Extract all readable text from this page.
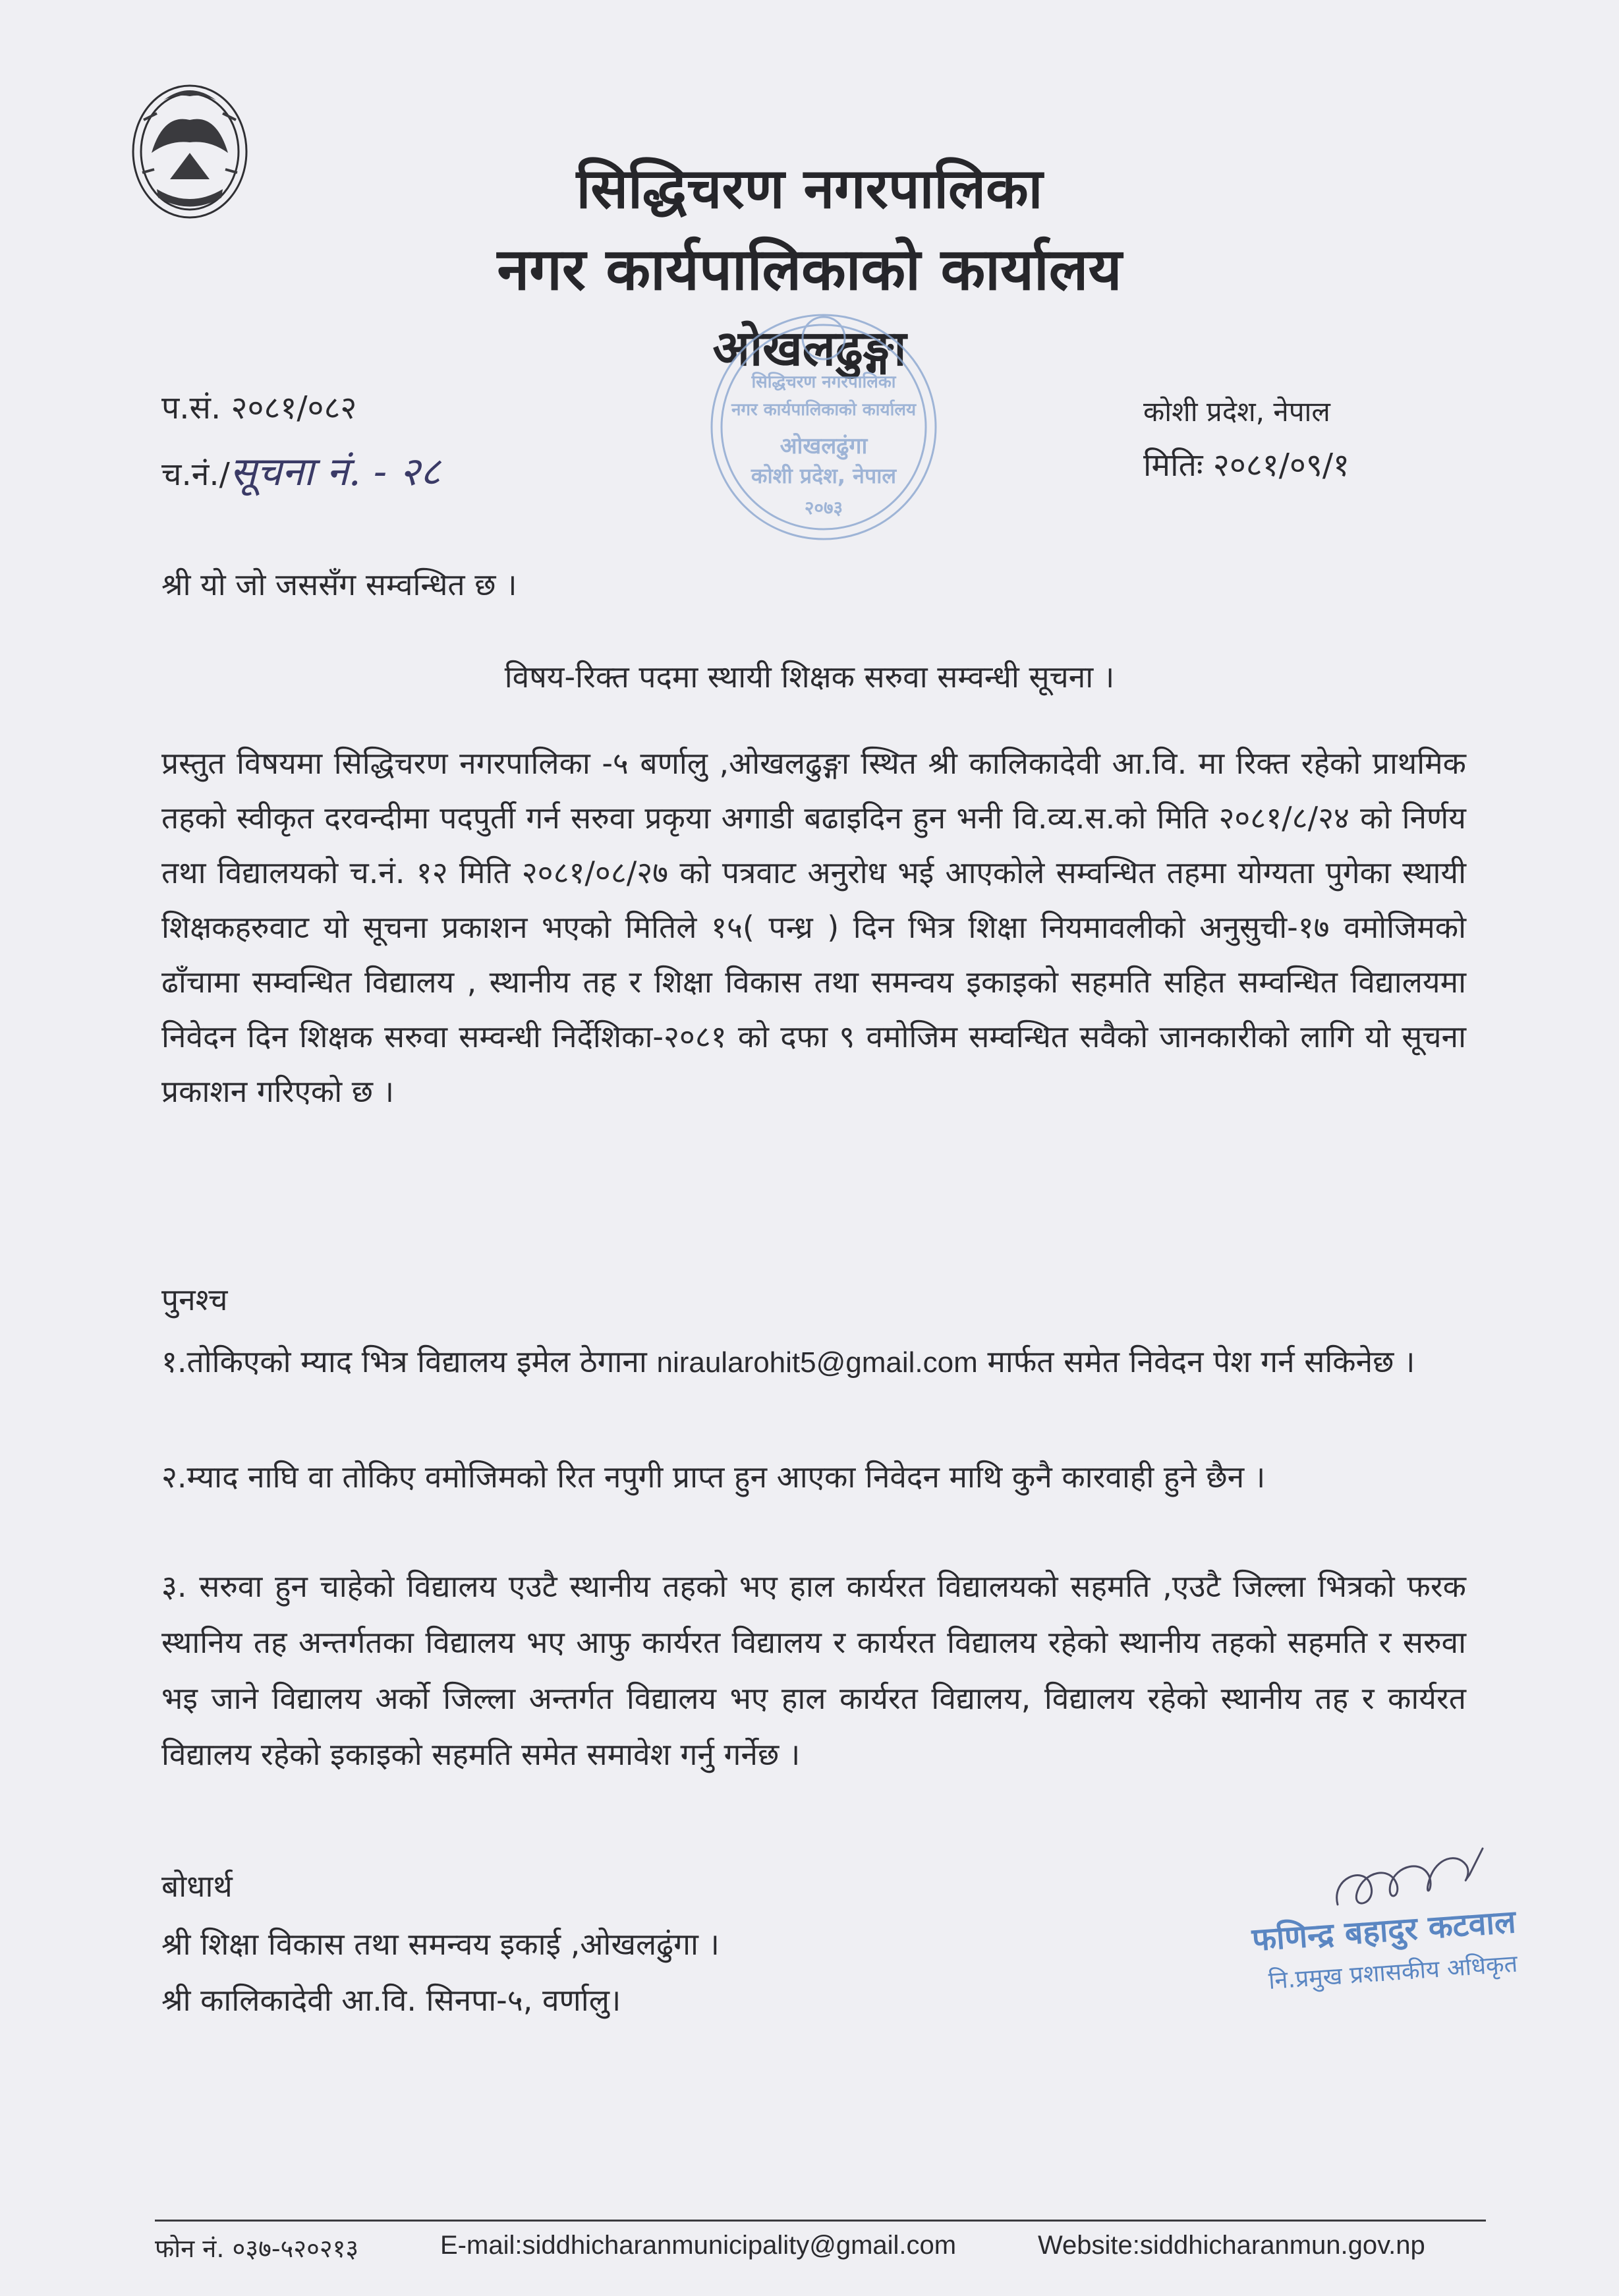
सिद्धिचरण नगरपालिका
नगर कार्यपालिकाको कार्यालय
ओखलढुङ्गा
सिद्धिचरण नगरपालिका
नगर कार्यपालिकाको कार्यालय
ओखलढुंगा
कोशी प्रदेश, नेपाल
२०७३
प.सं. २०८१/०८२
च.नं./सूचना नं. - २८
कोशी प्रदेश, नेपाल
मितिः २०८१/०९/१
श्री यो जो जससँग सम्वन्धित छ ।
विषय-रिक्त पदमा स्थायी शिक्षक सरुवा सम्वन्धी सूचना ।
प्रस्तुत विषयमा सिद्धिचरण नगरपालिका -५ बर्णालु ,ओखलढुङ्गा स्थित श्री कालिकादेवी आ.वि. मा रिक्त रहेको प्राथमिक तहको स्वीकृत दरवन्दीमा पदपुर्ती गर्न सरुवा प्रकृया अगाडी बढाइदिन हुन भनी वि.व्य.स.को मिति २०८१/८/२४ को निर्णय तथा विद्यालयको च.नं. १२ मिति २०८१/०८/२७ को पत्रवाट अनुरोध भई आएकोले सम्वन्धित तहमा योग्यता पुगेका स्थायी शिक्षकहरुवाट यो सूचना प्रकाशन भएको मितिले १५( पन्ध्र ) दिन भित्र शिक्षा नियमावलीको अनुसुची-१७ वमोजिमको ढाँचामा सम्वन्धित विद्यालय , स्थानीय तह र शिक्षा विकास तथा समन्वय इकाइको सहमति सहित सम्वन्धित विद्यालयमा निवेदन दिन शिक्षक सरुवा सम्वन्धी निर्देशिका-२०८१ को दफा ९ वमोजिम सम्वन्धित सवैको जानकारीको लागि यो सूचना प्रकाशन गरिएको छ ।
पुनश्च
१.तोकिएको म्याद भित्र विद्यालय इमेल ठेगाना niraularohit5@gmail.com मार्फत समेत निवेदन पेश गर्न सकिनेछ ।
२.म्याद नाघि वा तोकिए वमोजिमको रित नपुगी प्राप्त हुन आएका निवेदन माथि कुनै कारवाही हुने छैन ।
३. सरुवा हुन चाहेको विद्यालय एउटै स्थानीय तहको भए हाल कार्यरत विद्यालयको सहमति ,एउटै जिल्ला भित्रको फरक स्थानिय तह अन्तर्गतका विद्यालय भए आफु कार्यरत विद्यालय र कार्यरत विद्यालय रहेको स्थानीय तहको सहमति र सरुवा भइ जाने विद्यालय अर्को जिल्ला अन्तर्गत विद्यालय भए हाल कार्यरत विद्यालय, विद्यालय रहेको स्थानीय तह र कार्यरत विद्यालय रहेको इकाइको सहमति समेत समावेश गर्नु गर्नेछ ।
बोधार्थ
श्री शिक्षा विकास तथा समन्वय इकाई ,ओखलढुंगा ।
श्री कालिकादेवी आ.वि. सिनपा-५, वर्णालु।
फणिन्द्र बहादुर कटवाल
नि.प्रमुख प्रशासकीय अधिकृत
फोन नं. ०३७-५२०२१३	E-mail:siddhicharanmunicipality@gmail.com	Website:siddhicharanmun.gov.np
